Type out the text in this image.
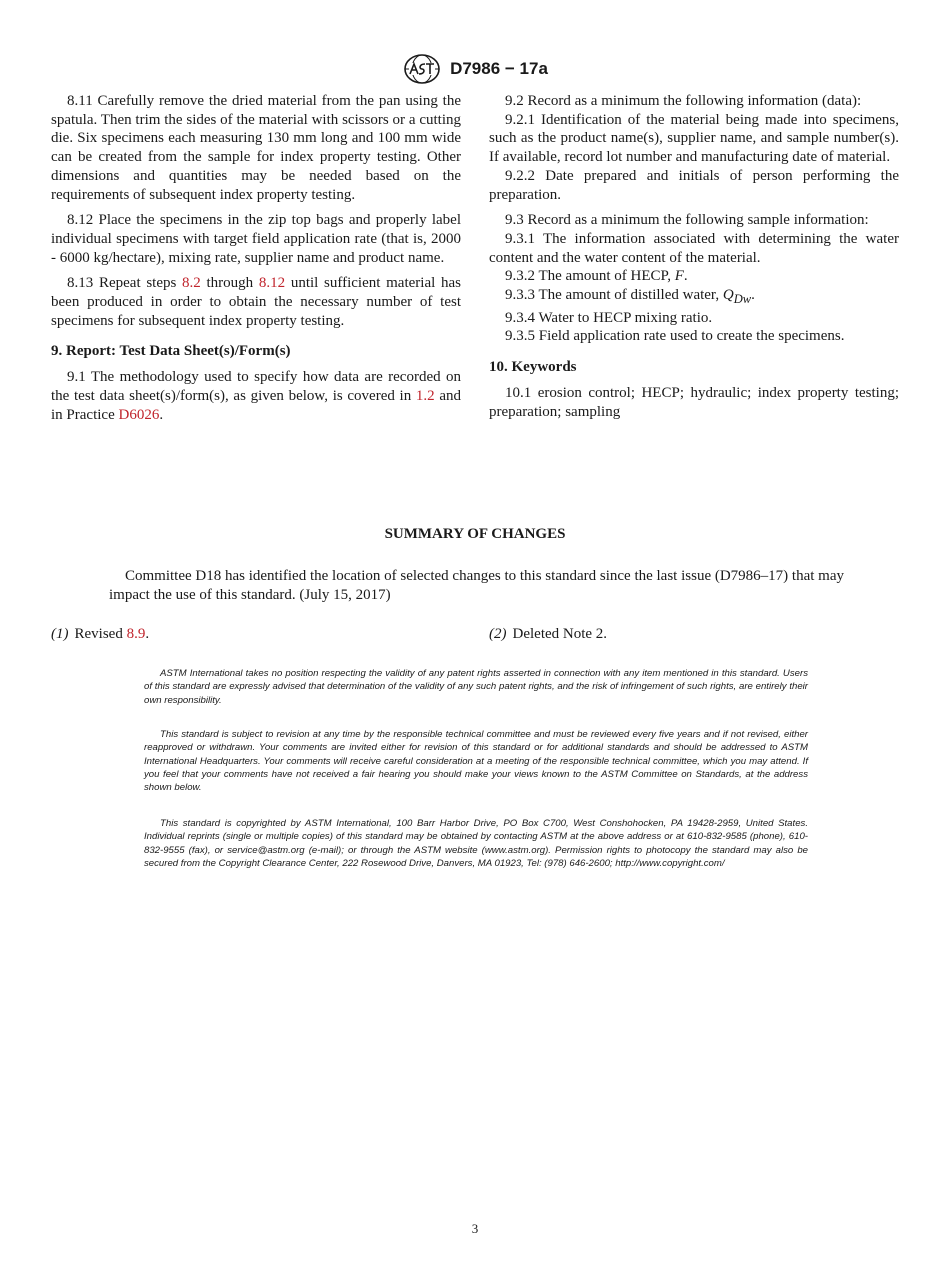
D7986 − 17a

8.11 Carefully remove the dried material from the pan using the spatula. Then trim the sides of the material with scissors or a cutting die. Six specimens each measuring 130 mm long and 100 mm wide can be created from the sample for index property testing. Other dimensions and quantities may be needed based on the requirements of subsequent index property testing.

8.12 Place the specimens in the zip top bags and properly label individual specimens with target field application rate (that is, 2000 - 6000 kg/hectare), mixing rate, supplier name and product name.

8.13 Repeat steps 8.2 through 8.12 until sufficient material has been produced in order to obtain the necessary number of test specimens for subsequent index property testing.

9. Report: Test Data Sheet(s)/Form(s)

9.1 The methodology used to specify how data are recorded on the test data sheet(s)/form(s), as given below, is covered in 1.2 and in Practice D6026.

9.2 Record as a minimum the following information (data):

9.2.1 Identification of the material being made into specimens, such as the product name(s), supplier name, and sample number(s). If available, record lot number and manufacturing date of material.

9.2.2 Date prepared and initials of person performing the preparation.

9.3 Record as a minimum the following sample information:

9.3.1 The information associated with determining the water content and the water content of the material.

9.3.2 The amount of HECP, F.

9.3.3 The amount of distilled water, $Q_{Dw}$.

9.3.4 Water to HECP mixing ratio.

9.3.5 Field application rate used to create the specimens.

10. Keywords

10.1 erosion control; HECP; hydraulic; index property testing; preparation; sampling

SUMMARY OF CHANGES

Committee D18 has identified the location of selected changes to this standard since the last issue (D7986–17) that may impact the use of this standard. (July 15, 2017)

(1) Revised 8.9.	(2) Deleted Note 2.

ASTM International takes no position respecting the validity of any patent rights asserted in connection with any item mentioned in this standard. Users of this standard are expressly advised that determination of the validity of any such patent rights, and the risk of infringement of such rights, are entirely their own responsibility.

This standard is subject to revision at any time by the responsible technical committee and must be reviewed every five years and if not revised, either reapproved or withdrawn. Your comments are invited either for revision of this standard or for additional standards and should be addressed to ASTM International Headquarters. Your comments will receive careful consideration at a meeting of the responsible technical committee, which you may attend. If you feel that your comments have not received a fair hearing you should make your views known to the ASTM Committee on Standards, at the address shown below.

This standard is copyrighted by ASTM International, 100 Barr Harbor Drive, PO Box C700, West Conshohocken, PA 19428-2959, United States. Individual reprints (single or multiple copies) of this standard may be obtained by contacting ASTM at the above address or at 610-832-9585 (phone), 610-832-9555 (fax), or service@astm.org (e-mail); or through the ASTM website (www.astm.org). Permission rights to photocopy the standard may also be secured from the Copyright Clearance Center, 222 Rosewood Drive, Danvers, MA 01923, Tel: (978) 646-2600; http://www.copyright.com/

3
